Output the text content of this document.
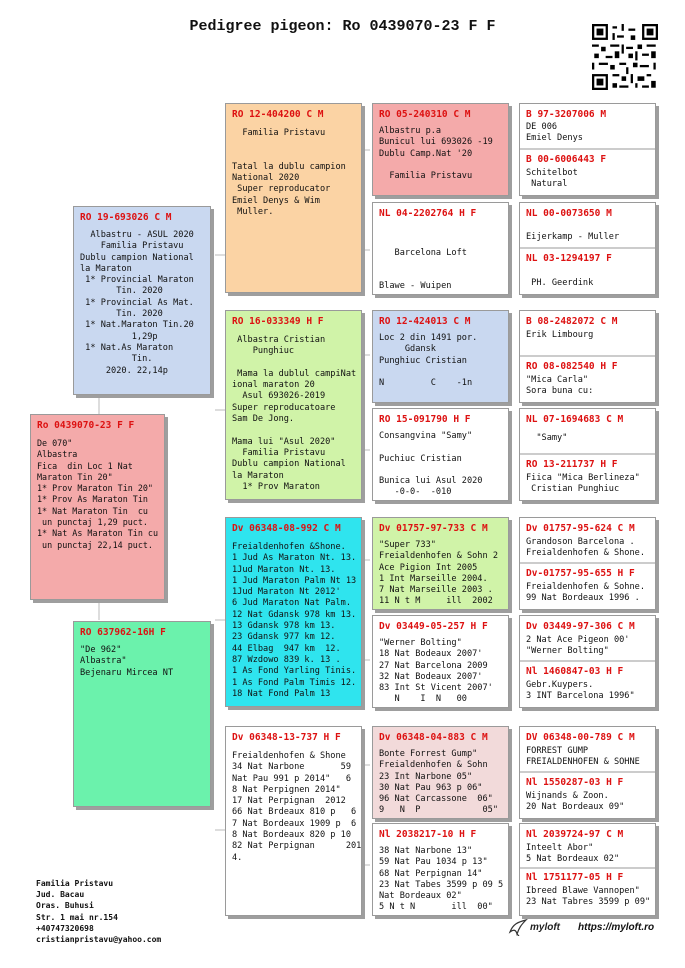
Pedigree pigeon: Ro 0439070-23 F F
Ro 0439070-23 F F
De 070"
Albastra
Fica  din Loc 1 Nat
Maraton Tin 20"
1* Prov Maraton Tin 20"
1* Prov As Maraton Tin
1* Nat Maraton Tin  cu
un punctaj 1,29 puct.
1* Nat As Maraton Tin cu
un punctaj 22,14 puct.
RO 19-693026 C M
Albastru - ASUL 2020
Familia Pristavu
Dublu campion National
la Maraton
1* Provincial Maraton
Tin. 2020
1* Provincial As Mat.
Tin. 2020
1* Nat.Maraton Tin.20
1,29p
1* Nat.As Maraton
Tin.
2020. 22,14p
RO 637962-16H F
"De 962"
Albastra"
Bejenaru Mircea NT
RO 12-404200 C M
Familia Pristavu

Tatal la dublu campion
National 2020
Super reproducator
Emiel Denys & Wim
Muller.
RO 16-033349 H F
Albastra Cristian
Punghiuc

Mama la dublul campiNat
ional maraton 20
Asul 693026-2019
Super reproducatoare
Sam De Jong.

Mama lui "Asul 2020"
Familia Pristavu
Dublu campion National
la Maraton
1* Prov Maraton
Dv 06348-08-992 C M
Freialdenhofen &Shone.
1 Jud As Maraton Nt. 13.
1Jud Maraton Nt. 13.
1 Jud Maraton Palm Nt 13
1Jud Maraton Nt 2012'
6 Jud Maraton Nat Palm.
12 Nat Gdansk 978 km 13.
13 Gdansk 978 km 13.
23 Gdansk 977 km 12.
44 Elbag  947 km  12.
87 Wzdowo 839 k. 13 .
1 As Fond Yarling Tinis.
1 As Fond Palm Timis 12.
18 Nat Fond Palm 13
Dv 06348-13-737 H F
Freialdenhofen & Shone
34 Nat Narbone       59
Nat Pau 991 p 2014"   6
8 Nat Perpignen 2014"
17 Nat Perpignan  2012
66 Nat Brdeaux 810 p   6
7 Nat Bordeaux 1909 p  6
8 Nat Bordeaux 820 p 10
82 Nat Perpignan      201
4.
RO 05-240310 C M
Albastru p.a
Bunicul lui 693026 -19
Dublu Camp.Nat '20

Familia Pristavu
NL 04-2202764 H F

Barcelona Loft

Blawe - Wuipen
RO 12-424013 C M
Loc 2 din 1491 por.
Gdansk
Punghiuc Cristian

N         C    -1n
RO 15-091790 H F
Consangvina "Samy"

Puchiuc Cristian

Bunica lui Asul 2020
-0-0-  -010
Dv 01757-97-733 C M
"Super 733"
Freialdenhofen & Sohn 2
Ace Pigion Int 2005
1 Int Marseille 2004.
7 Nat Marseille 2003 .
11 N t M     ill  2002
Dv 03449-05-257 H F
"Werner Bolting"
18 Nat Bodeaux 2007'
27 Nat Barcelona 2009
32 Nat Bodeaux 2007'
83 Int St Vicent 2007'
N    I  N   00
Dv 06348-04-883 C M
Bonte Forrest Gump"
Freialdenhofen & Sohn
23 Int Narbone 05"
30 Nat Pau 963 p 06"
96 Nat Carcassone  06"
9   N  P            05"
Nl 2038217-10 H F
38 Nat Narbone 13"
59 Nat Pau 1034 p 13"
68 Nat Perpignan 14"
23 Nat Tabes 3599 p 09 5
Nat Bordeaux 02"
5 N t N       ill  00"
B 97-3207006 M
DE 006
Emiel Denys
B 00-6006443 F
Schitelbot
Natural
NL 00-0073650 M

Eijerkamp - Muller
NL 03-1294197 F

PH. Geerdink
B 08-2482072 C M
Erik Limbourg
RO 08-082540 H F
"Mica Carla"
Sora buna cu:
NL 07-1694683 C M

"Samy"
RO 13-211737 H F
Fiica "Mica Berlineza"
Cristian Punghiuc
Dv 01757-95-624 C M
Grandoson Barcelona .
Freialdenhofen & Shone.
Dv-01757-95-655 H F
Freialdenhofen & Sohne.
99 Nat Bordeaux 1996 .
Dv 03449-97-306 C M
2 Nat Ace Pigeon 00'
"Werner Bolting"
Nl 1460847-03 H F
Gebr.Kuypers.
3 INT Barcelona 1996"
DV 06348-00-789 C M
FORREST GUMP
FREIALDENHOFEN & SOHNE
Nl 1550287-03 H F
Wijnands & Zoon.
20 Nat Bordeaux 09"
Nl 2039724-97 C M
Inteelt Abor"
5 Nat Bordeaux 02"
Nl 1751177-05 H F
Ibreed Blawe Vannopen"
23 Nat Tabres 3599 p 09"
Familia Pristavu
Jud. Bacau
Oras. Buhusi
Str. 1 mai nr.154
+40747320698
cristianpristavu@yahoo.com
myloft https://myloft.ro
